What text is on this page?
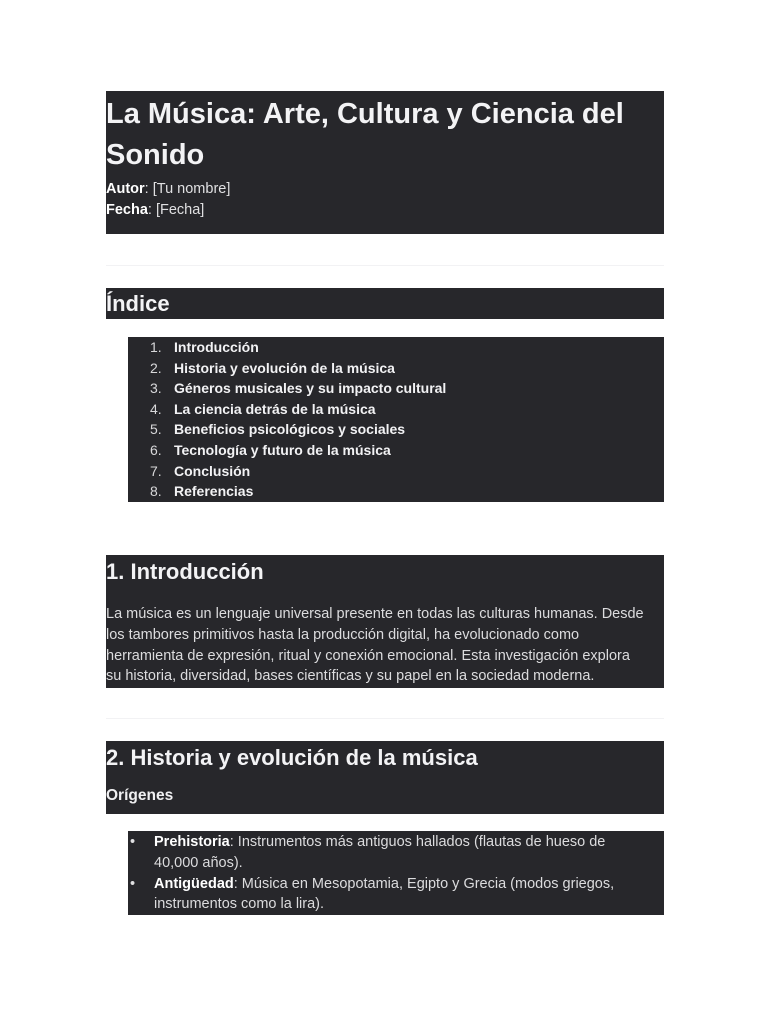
La Música: Arte, Cultura y Ciencia del Sonido
Autor: [Tu nombre]
Fecha: [Fecha]
Índice
1. Introducción
2. Historia y evolución de la música
3. Géneros musicales y su impacto cultural
4. La ciencia detrás de la música
5. Beneficios psicológicos y sociales
6. Tecnología y futuro de la música
7. Conclusión
8. Referencias
1. Introducción

La música es un lenguaje universal presente en todas las culturas humanas. Desde

los tambores primitivos hasta la producción digital, ha evolucionado como

herramienta de expresión, ritual y conexión emocional. Esta investigación explora

su historia, diversidad, bases científicas y su papel en la sociedad moderna.

2. Historia y evolución de la música
Orígenes
•	Prehistoria: Instrumentos más antiguos hallados (flautas de hueso de
40,000 años).
•	Antigüedad: Música en Mesopotamia, Egipto y Grecia (modos griegos,
instrumentos como la lira).
